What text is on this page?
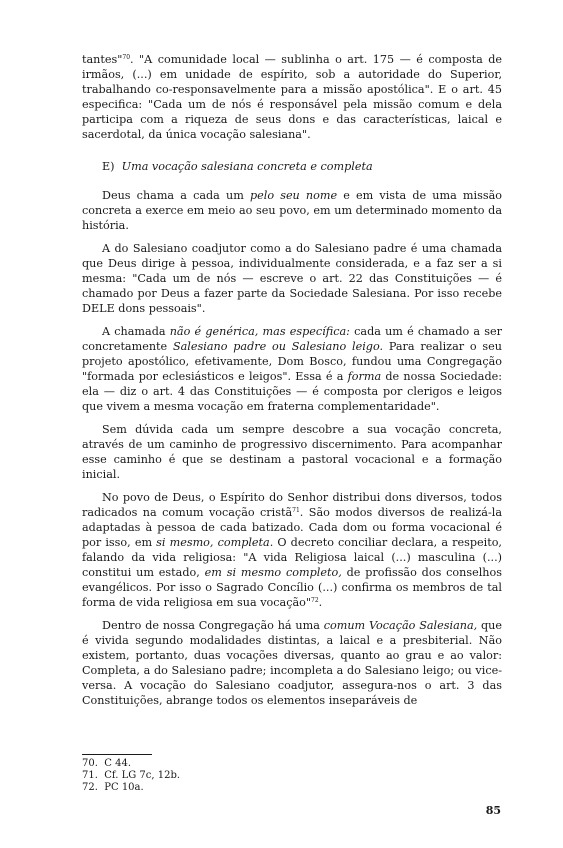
tantes"$^{70}$. "A comunidade local — sublinha o art. 175 — é composta de irmãos, (...) em unidade de espírito, sob a autoridade do Superior, trabalhando co-responsavelmente para a missão apostólica". E o art. 45 especifica: "Cada um de nós é responsável pela missão comum e dela participa com a riqueza de seus dons e das características, laical e sacerdotal, da única vocação salesiana".

E) Uma vocação salesiana concreta e completa

Deus chama a cada um pelo seu nome e em vista de uma missão concreta a exerce em meio ao seu povo, em um determinado momento da história.

A do Salesiano coadjutor como a do Salesiano padre é uma chamada que Deus dirige à pessoa, individualmente considerada, e a faz ser a si mesma: "Cada um de nós — escreve o art. 22 das Constituições — é chamado por Deus a fazer parte da Sociedade Salesiana. Por isso recebe DELE dons pessoais".

A chamada não é genérica, mas específica: cada um é chamado a ser concretamente Salesiano padre ou Salesiano leigo. Para realizar o seu projeto apostólico, efetivamente, Dom Bosco, fundou uma Congregação "formada por eclesiásticos e leigos". Essa é a forma de nossa Sociedade: ela — diz o art. 4 das Constituições — é composta por clerigos e leigos que vivem a mesma vocação em fraterna complementaridade".

Sem dúvida cada um sempre descobre a sua vocação concreta, através de um caminho de progressivo discernimento. Para acompanhar esse caminho é que se destinam a pastoral vocacional e a formação inicial.

No povo de Deus, o Espírito do Senhor distribui dons diversos, todos radicados na comum vocação cristã$^{71}$. São modos diversos de realizá-la adaptadas à pessoa de cada batizado. Cada dom ou forma vocacional é por isso, em si mesmo, completa. O decreto conciliar declara, a respeito, falando da vida religiosa: "A vida Religiosa laical (...) masculina (...) constitui um estado, em si mesmo completo, de profissão dos conselhos evangélicos. Por isso o Sagrado Concílio (...) confirma os membros de tal forma de vida religiosa em sua vocação"$^{72}$.

Dentro de nossa Congregação há uma comum Vocação Salesiana, que é vivida segundo modalidades distintas, a laical e a presbiterial. Não existem, portanto, duas vocações diversas, quanto ao grau e ao valor: Completa, a do Salesiano padre; incompleta a do Salesiano leigo; ou vice-versa. A vocação do Salesiano coadjutor, assegura-nos o art. 3 das Constituições, abrange todos os elementos inseparáveis de

70.  C 44.
71.  Cf. LG 7c, 12b.
72.  PC 10a.
85
